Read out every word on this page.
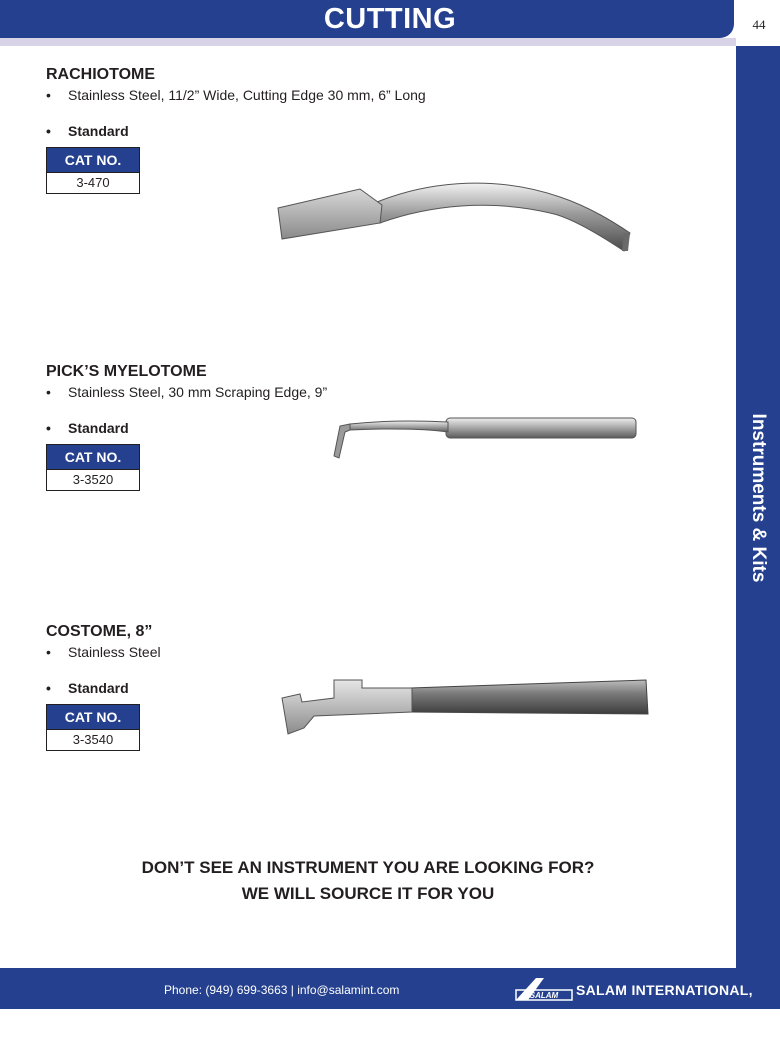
CUTTING	44
Instruments & Kits
RACHIOTOME
• Stainless Steel, 11/2” Wide, Cutting Edge 30 mm, 6” Long
• Standard
CAT NO.
3-470
PICK’S MYELOTOME
• Stainless Steel, 30 mm Scraping Edge, 9”
• Standard
CAT NO.
3-3520
COSTOME, 8”
• Stainless Steel
• Standard
CAT NO.
3-3540
DON’T SEE AN INSTRUMENT YOU ARE LOOKING FOR?
WE WILL SOURCE IT FOR YOU
Phone: (949) 699-3663 | info@salamint.com	SALAM SALAM INTERNATIONAL, INC.
